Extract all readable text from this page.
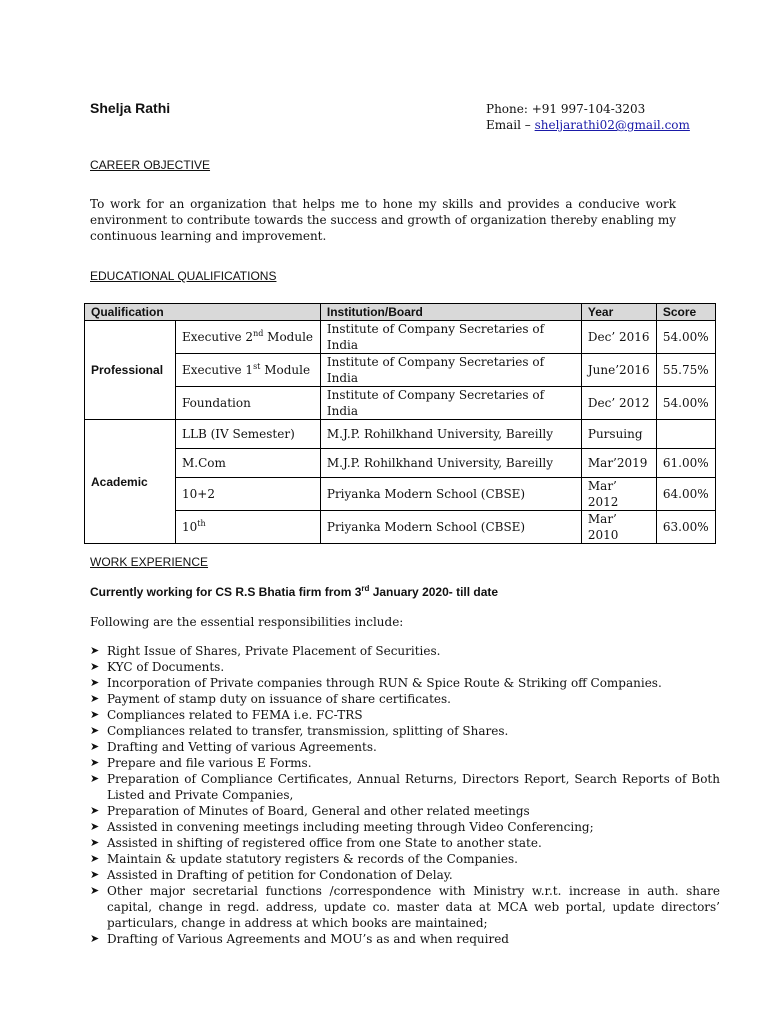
Shelja Rathi	Phone: +91 997-104-3203
Email – sheljarathi02@gmail.com
CAREER OBJECTIVE
To work for an organization that helps me to hone my skills and provides a conducive work environment to contribute towards the success and growth of organization thereby enabling my continuous learning and improvement.
EDUCATIONAL QUALIFICATIONS
Qualification		Institution/Board	Year	Score
Professional	Executive 2nd Module	Institute of Company Secretaries of India	Dec’ 2016	54.00%
	Executive 1st Module	Institute of Company Secretaries of India	June’2016	55.75%
	Foundation	Institute of Company Secretaries of India	Dec’ 2012	54.00%
Academic	LLB (IV Semester)	M.J.P. Rohilkhand University, Bareilly	Pursuing	
	M.Com	M.J.P. Rohilkhand University, Bareilly	Mar’2019	61.00%
	10+2	Priyanka Modern School (CBSE)	Mar’ 2012	64.00%
	10th	Priyanka Modern School (CBSE)	Mar’ 2010	63.00%
WORK EXPERIENCE
Currently working for CS R.S Bhatia firm from 3rd January 2020- till date
Following are the essential responsibilities include:
➤ Right Issue of Shares, Private Placement of Securities.
➤ KYC of Documents.
➤ Incorporation of Private companies through RUN & Spice Route & Striking off Companies.
➤ Payment of stamp duty on issuance of share certificates.
➤ Compliances related to FEMA i.e. FC-TRS
➤ Compliances related to transfer, transmission, splitting of Shares.
➤ Drafting and Vetting of various Agreements.
➤ Prepare and file various E Forms.
➤ Preparation of Compliance Certificates, Annual Returns, Directors Report, Search Reports of Both Listed and Private Companies,
➤ Preparation of Minutes of Board, General and other related meetings
➤ Assisted in convening meetings including meeting through Video Conferencing;
➤ Assisted in shifting of registered office from one State to another state.
➤ Maintain & update statutory registers & records of the Companies.
➤ Assisted in Drafting of petition for Condonation of Delay.
➤ Other major secretarial functions /correspondence with Ministry w.r.t. increase in auth. share capital, change in regd. address, update co. master data at MCA web portal, update directors’ particulars, change in address at which books are maintained;
➤ Drafting of Various Agreements and MOU’s as and when required
